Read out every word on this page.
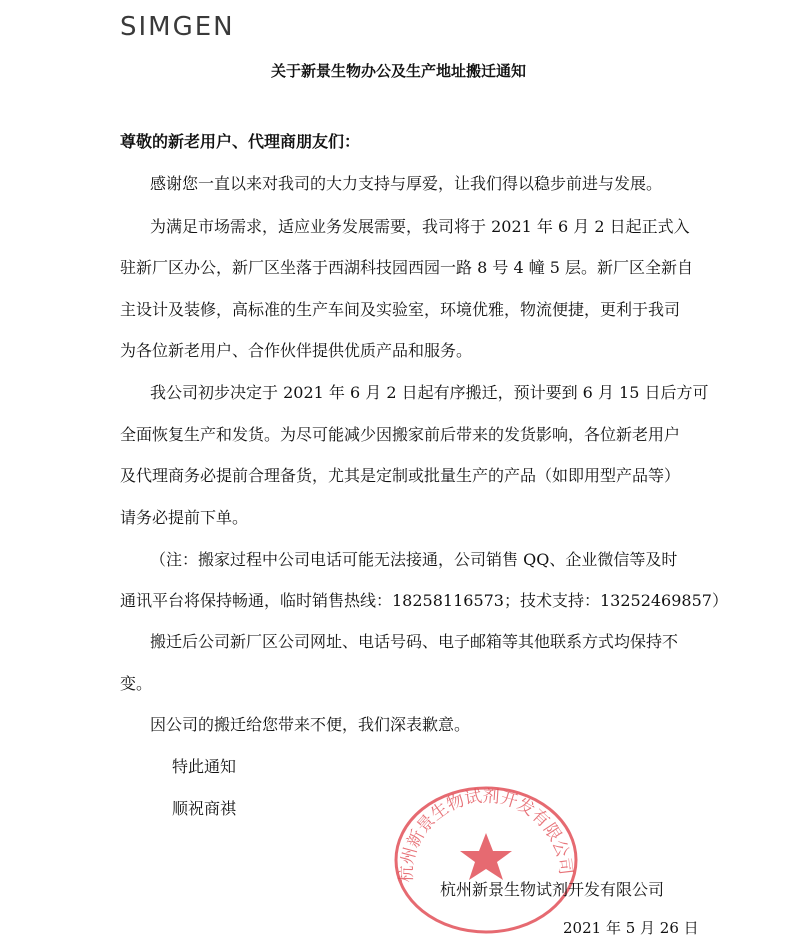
SIMGEN
关于新景生物办公及生产地址搬迁通知
尊敬的新老用户、代理商朋友们：
感谢您一直以来对我司的大力支持与厚爱，让我们得以稳步前进与发展。
为满足市场需求，适应业务发展需要，我司将于 2021 年 6 月 2 日起正式入
驻新厂区办公，新厂区坐落于西湖科技园西园一路 8 号 4 幢 5 层。新厂区全新自
主设计及装修，高标准的生产车间及实验室，环境优雅，物流便捷，更利于我司
为各位新老用户、合作伙伴提供优质产品和服务。
我公司初步决定于 2021 年 6 月 2 日起有序搬迁，预计要到 6 月 15 日后方可
全面恢复生产和发货。为尽可能减少因搬家前后带来的发货影响，各位新老用户
及代理商务必提前合理备货，尤其是定制或批量生产的产品（如即用型产品等）
请务必提前下单。
（注：搬家过程中公司电话可能无法接通，公司销售 QQ、企业微信等及时
通讯平台将保持畅通，临时销售热线：18258116573；技术支持：13252469857）
搬迁后公司新厂区公司网址、电话号码、电子邮箱等其他联系方式均保持不
变。
因公司的搬迁给您带来不便，我们深表歉意。
特此通知
顺祝商祺
杭州新景生物试剂开发有限公司
杭州新景生物试剂开发有限公司
2021 年 5 月 26 日
